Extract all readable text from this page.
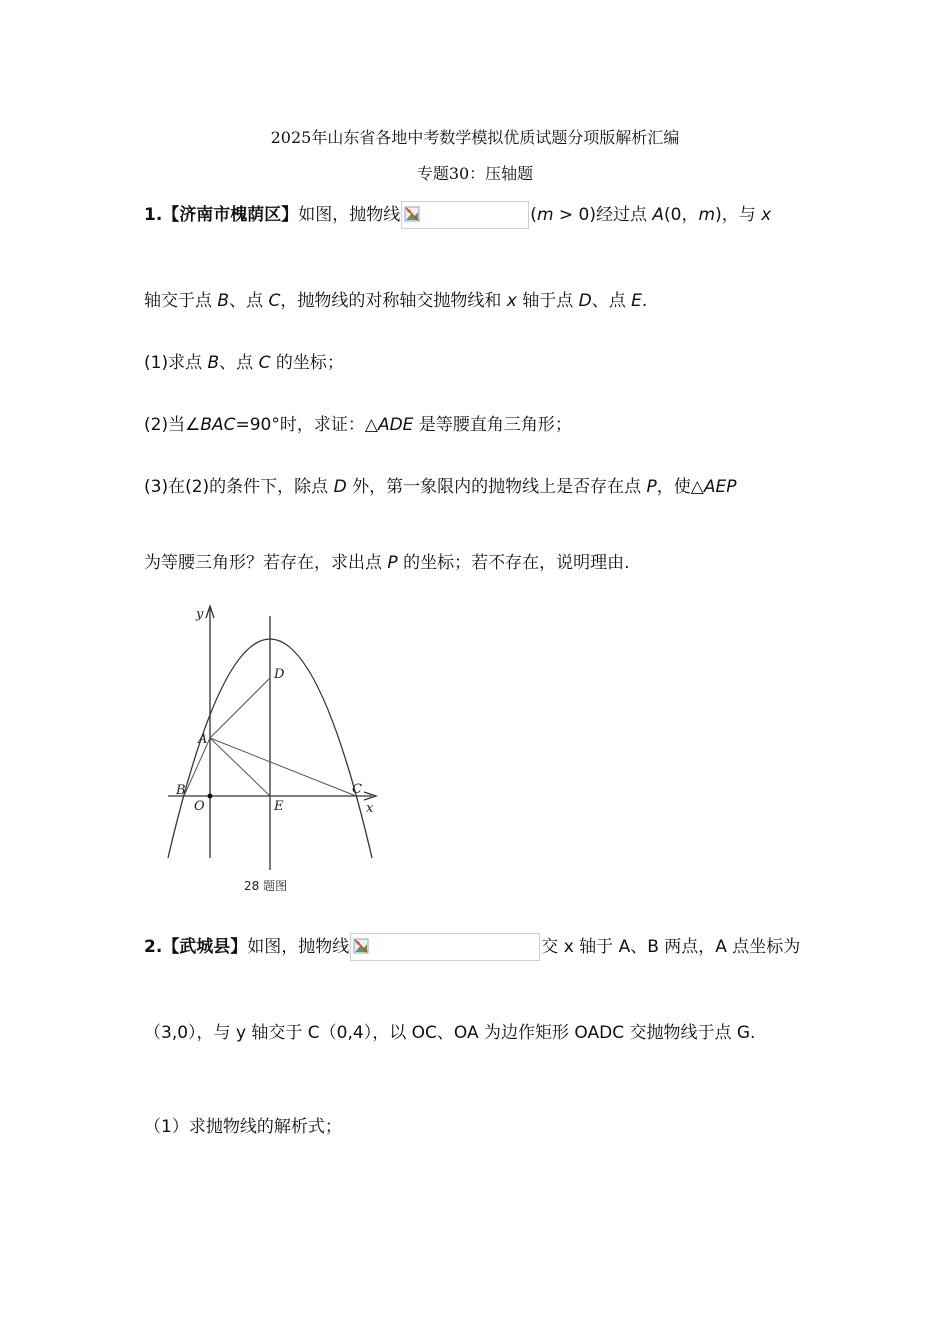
2025年山东省各地中考数学模拟优质试题分项版解析汇编
专题30：压轴题
1.【济南市槐荫区】如图，抛物线	(m > 0)经过点 A(0，m)，与 x
轴交于点 B、点 C，抛物线的对称轴交抛物线和 x 轴于点 D、点 E.
(1)求点 B、点 C 的坐标；
(2)当∠BAC=90°时，求证：△ADE 是等腰直角三角形；
(3)在(2)的条件下，除点 D 外，第一象限内的抛物线上是否存在点 P，使△AEP
为等腰三角形？若存在，求出点 P 的坐标；若不存在，说明理由.
y
x
D
A
B
O	E
C
28 题图
2.【武城县】如图，抛物线	交 x 轴于 A、B 两点，A 点坐标为
（3,0），与 y 轴交于 C（0,4），以 OC、OA 为边作矩形 OADC 交抛物线于点 G.
（1）求抛物线的解析式；
